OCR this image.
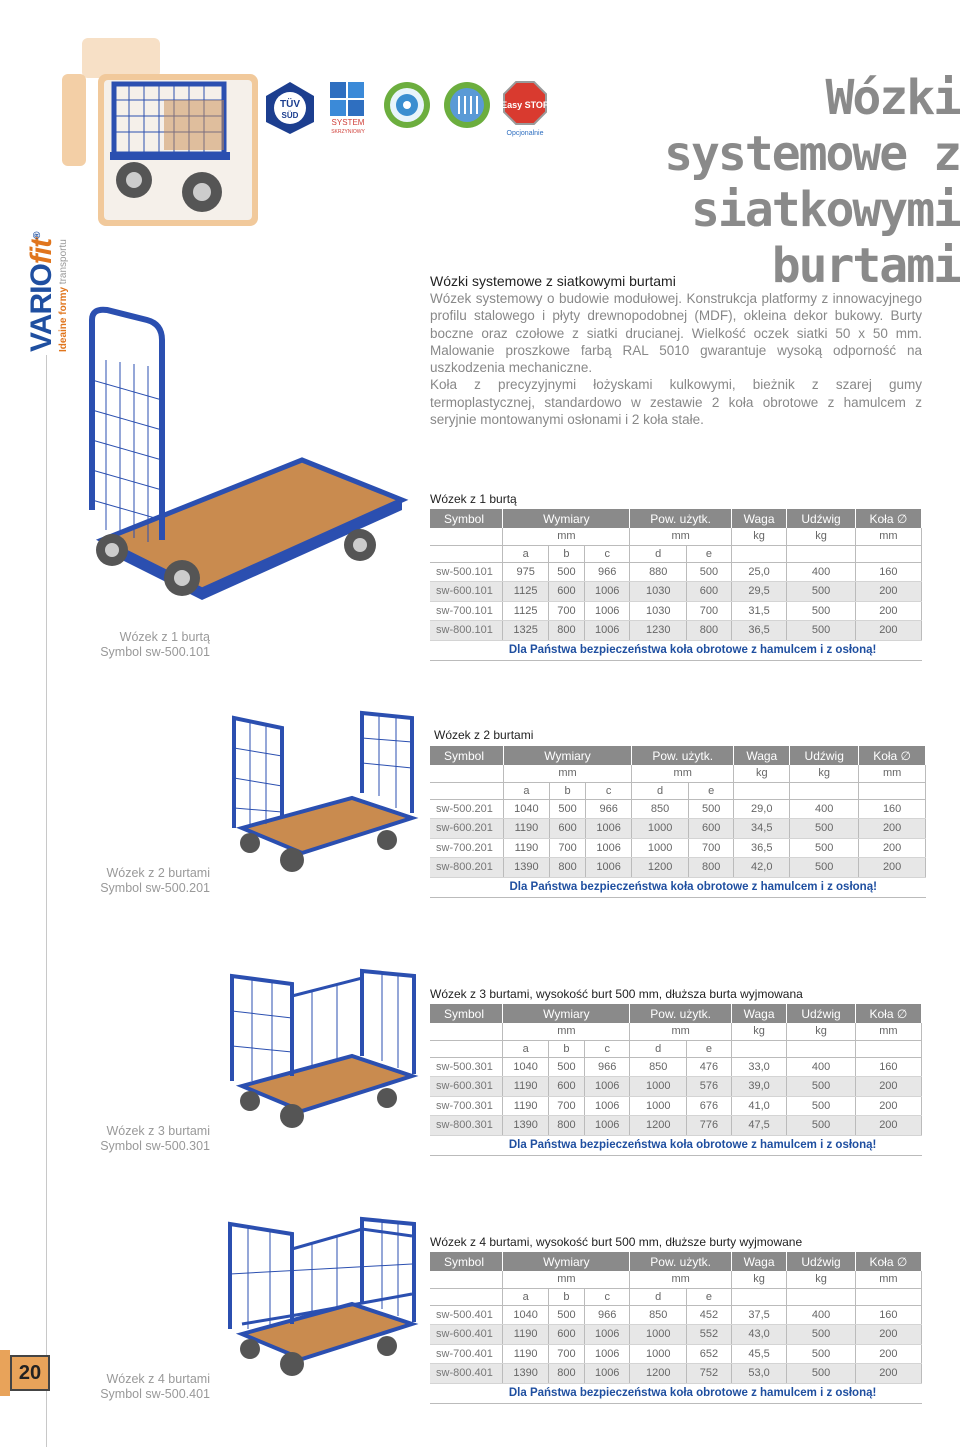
TÜV
SÜD
SYSTEM
SKRZYNIOWY
Easy STOP
Opcjonalnie
Wózki systemowe z
siatkowymi burtami
VARIOfit®
Ideaine formy transportu
20
Wózki systemowe z siatkowymi burtami

Wózek systemowy o budowie modułowej. Konstrukcja platformy z innowacyjnego profilu stalowego i płyty drewnopodobnej (MDF), okleina dekor bukowy. Burty boczne oraz czołowe z siatki drucianej. Wielkość oczek siatki 50 x 50 mm. Malowanie proszkowe farbą RAL 5010 gwarantuje wysoką odporność na uszkodzenia mechaniczne.

Koła z precyzyjnymi łożyskami kulkowymi, bieżnik z szarej gumy termoplastycznej, standardowo w zestawie 2 koła obrotowe z hamulcem z seryjnie montowanymi osłonami i 2 koła stałe.

Wózek z 1 burtą
Symbol sw-500.101
Wózek z 2 burtami
Symbol sw-500.201
Wózek z 3 burtami
Symbol sw-500.301
Wózek z 4 burtami
Symbol sw-500.401
Wózek z 1 burtą
Wózek z 2 burtami
Wózek z 3 burtami, wysokość burt 500 mm, dłuższa burta wyjmowana
Wózek z 4 burtami, wysokość burt 500 mm, dłuższe burty wyjmowane
Symbol	Wymiary			Pow. użytk.		Waga	Udźwig	Koła ∅
	mm			mm		kg	kg	mm
	a	b	c	d	e			
sw-500.101	975	500	966	880	500	25,0	400	160
sw-600.101	1125	600	1006	1030	600	29,5	500	200
sw-700.101	1125	700	1006	1030	700	31,5	500	200
sw-800.101	1325	800	1006	1230	800	36,5	500	200
	Dla Państwa bezpieczeństwa koła obrotowe z hamulcem i z osłoną!							
Symbol	Wymiary			Pow. użytk.		Waga	Udźwig	Koła ∅
	mm			mm		kg	kg	mm
	a	b	c	d	e			
sw-500.201	1040	500	966	850	500	29,0	400	160
sw-600.201	1190	600	1006	1000	600	34,5	500	200
sw-700.201	1190	700	1006	1000	700	36,5	500	200
sw-800.201	1390	800	1006	1200	800	42,0	500	200
	Dla Państwa bezpieczeństwa koła obrotowe z hamulcem i z osłoną!							
Symbol	Wymiary			Pow. użytk.		Waga	Udźwig	Koła ∅
	mm			mm		kg	kg	mm
	a	b	c	d	e			
sw-500.301	1040	500	966	850	476	33,0	400	160
sw-600.301	1190	600	1006	1000	576	39,0	500	200
sw-700.301	1190	700	1006	1000	676	41,0	500	200
sw-800.301	1390	800	1006	1200	776	47,5	500	200
	Dla Państwa bezpieczeństwa koła obrotowe z hamulcem i z osłoną!							
Symbol	Wymiary			Pow. użytk.		Waga	Udźwig	Koła ∅
	mm			mm		kg	kg	mm
	a	b	c	d	e			
sw-500.401	1040	500	966	850	452	37,5	400	160
sw-600.401	1190	600	1006	1000	552	43,0	500	200
sw-700.401	1190	700	1006	1000	652	45,5	500	200
sw-800.401	1390	800	1006	1200	752	53,0	500	200
	Dla Państwa bezpieczeństwa koła obrotowe z hamulcem i z osłoną!							
